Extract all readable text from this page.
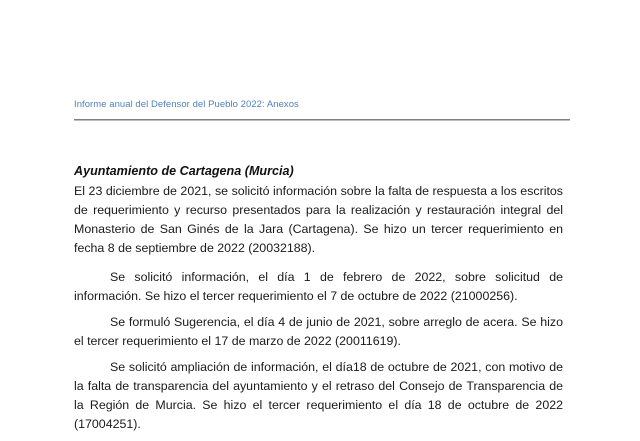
Informe anual del Defensor del Pueblo 2022: Anexos
Ayuntamiento de Cartagena (Murcia)

El 23 diciembre de 2021, se solicitó información sobre la falta de respuesta a los escritos de requerimiento y recurso presentados para la realización y restauración integral del Monasterio de San Ginés de la Jara (Cartagena). Se hizo un tercer requerimiento en fecha 8 de septiembre de 2022 (20032188).

Se solicitó información, el día 1 de febrero de 2022, sobre solicitud de información. Se hizo el tercer requerimiento el 7 de octubre de 2022 (21000256).

Se formuló Sugerencia, el día 4 de junio de 2021, sobre arreglo de acera. Se hizo el tercer requerimiento el 17 de marzo de 2022 (20011619).

Se solicitó ampliación de información, el día18 de octubre de 2021, con motivo de la falta de transparencia del ayuntamiento y el retraso del Consejo de Transparencia de la Región de Murcia. Se hizo el tercer requerimiento el día 18 de octubre de 2022 (17004251).
